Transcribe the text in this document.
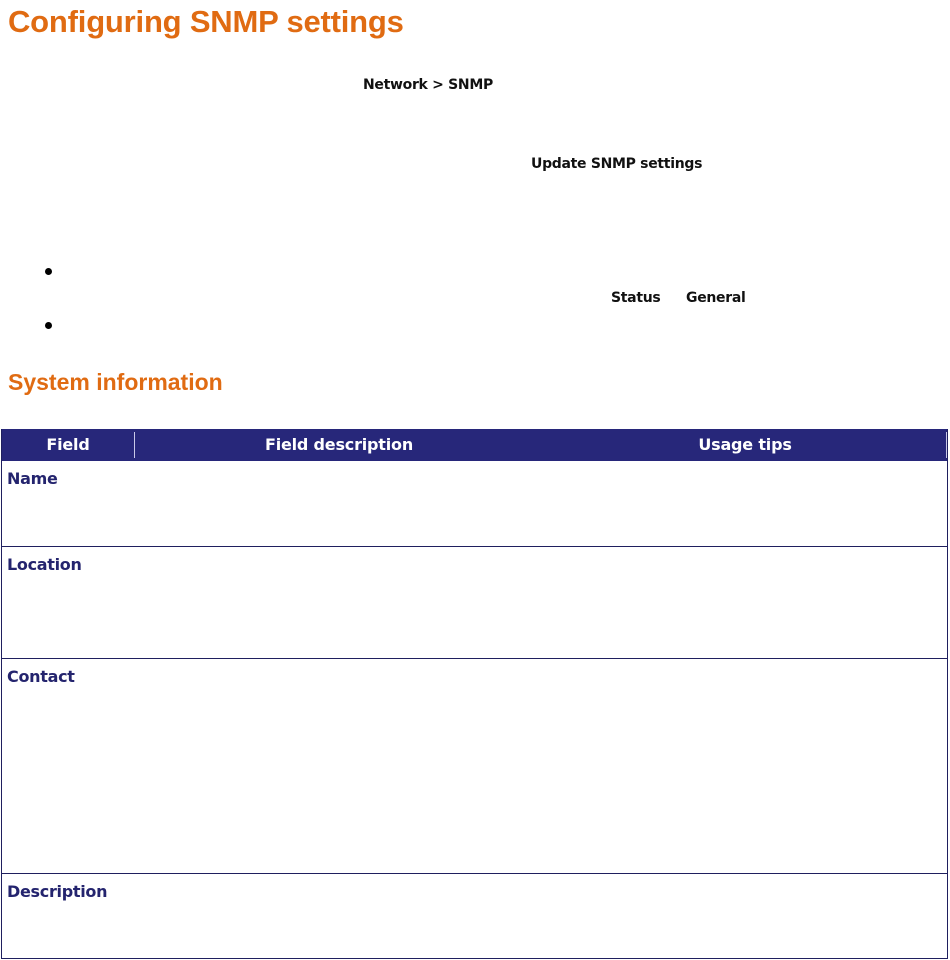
Configuring SNMP settings
Network > SNMP
Update SNMP settings
Status General
System information
Field	Field description	Usage tips
Name
Location
Contact
Description
